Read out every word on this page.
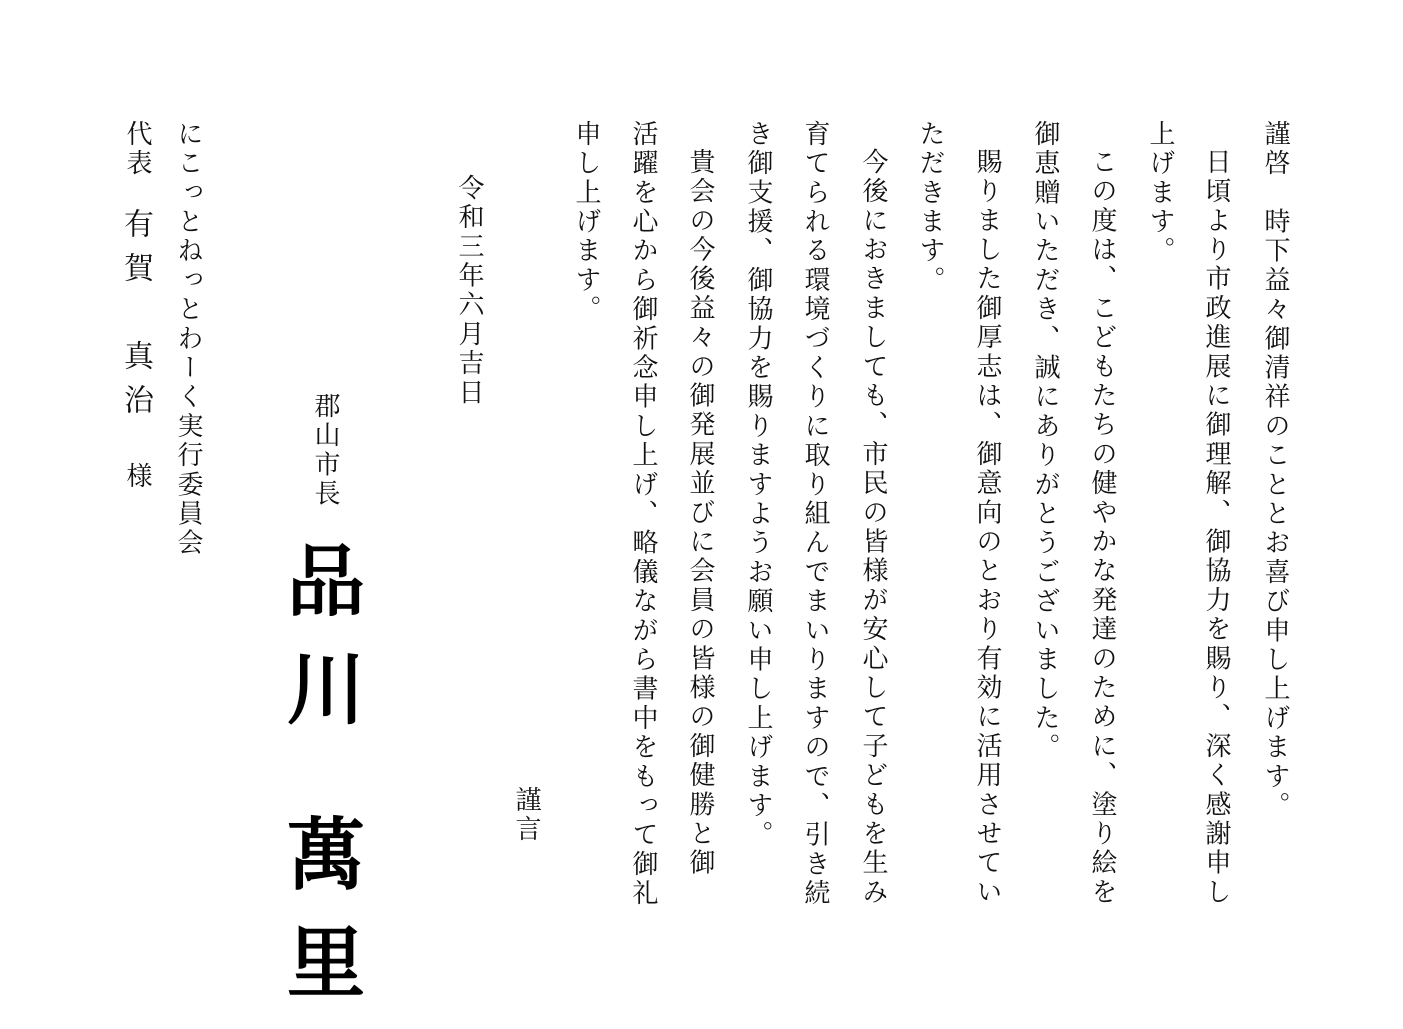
謹啓　時下益々御清祥のこととお喜び申し上げます。
日頃より市政進展に御理解、御協力を賜り、深く感謝申し
上げます。
この度は、こどもたちの健やかな発達のために、塗り絵を
御恵贈いただき、誠にありがとうございました。
賜りました御厚志は、御意向のとおり有効に活用させてい
ただきます。
今後におきましても、市民の皆様が安心して子どもを生み
育てられる環境づくりに取り組んでまいりますので、引き続
き御支援、御協力を賜りますようお願い申し上げます。
貴会の今後益々の御発展並びに会員の皆様の御健勝と御
活躍を心から御祈念申し上げ、略儀ながら書中をもって御礼
申し上げます。
謹言
令和三年六月吉日
郡山市長
品川 萬里
にこっとねっとわーく実行委員会
代表
有賀　真治
様
